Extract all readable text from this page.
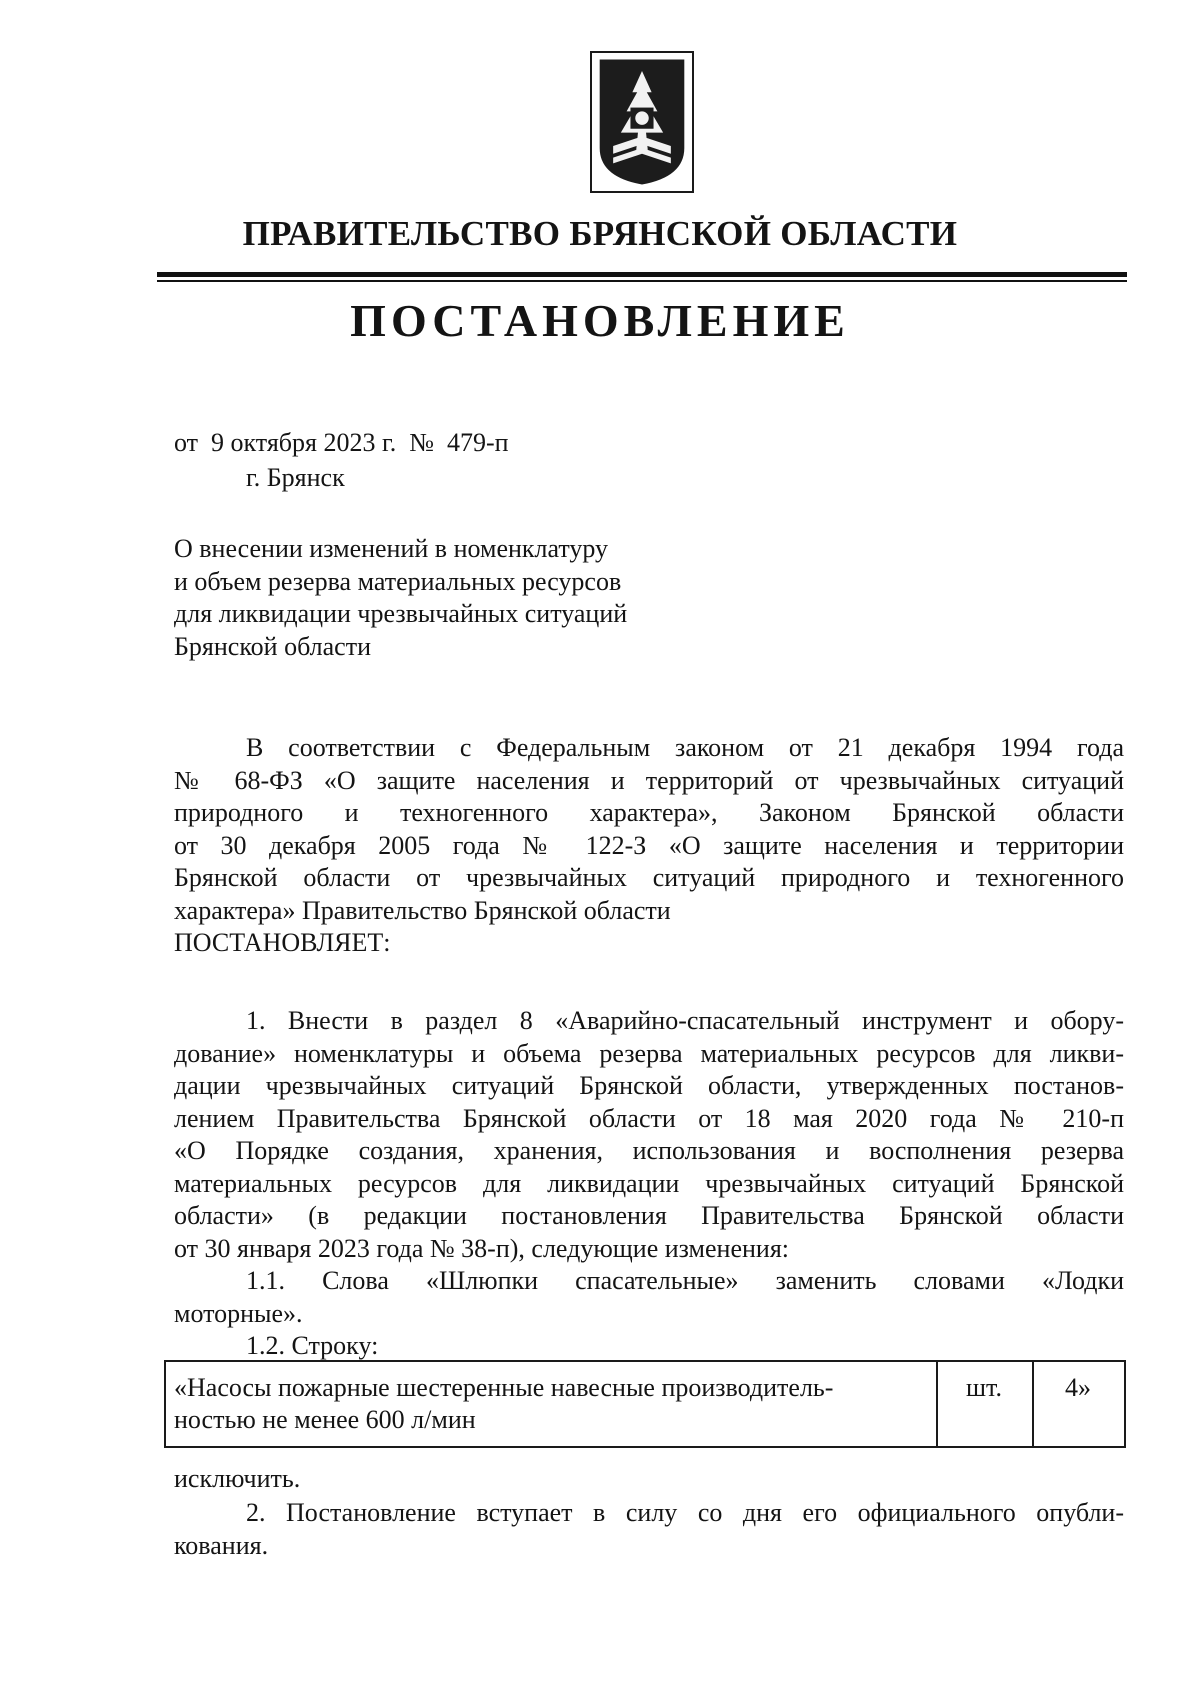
ПРАВИТЕЛЬСТВО БРЯНСКОЙ ОБЛАСТИ
ПОСТАНОВЛЕНИЕ
от  9 октября 2023 г.  №  479-п
г. Брянск
О внесении изменений в номенклатуру
и объем резерва материальных ресурсов
для ликвидации чрезвычайных ситуаций
Брянской области
В соответствии с Федеральным законом от 21 декабря 1994 года
№ 68-ФЗ «О защите населения и территорий от чрезвычайных ситуаций
природного и техногенного характера», Законом Брянской области
от 30 декабря 2005 года № 122-З «О защите населения и территории
Брянской области от чрезвычайных ситуаций природного и техногенного
характера» Правительство Брянской области
ПОСТАНОВЛЯЕТ:
1. Внести в раздел 8 «Аварийно-спасательный инструмент и обору-
дование» номенклатуры и объема резерва материальных ресурсов для ликви-
дации чрезвычайных ситуаций Брянской области, утвержденных постанов-
лением Правительства Брянской области от 18 мая 2020 года № 210-п
«О Порядке создания, хранения, использования и восполнения резерва
материальных ресурсов для ликвидации чрезвычайных ситуаций Брянской
области» (в редакции постановления Правительства Брянской области
от 30 января 2023 года № 38-п), следующие изменения:
1.1. Слова «Шлюпки спасательные» заменить словами «Лодки
моторные».
1.2. Строку:
«Насосы пожарные шестеренные навесные производитель-
ностью не менее 600 л/мин
	шт.	4»
исключить.
2. Постановление вступает в силу со дня его официального опубли-
кования.
